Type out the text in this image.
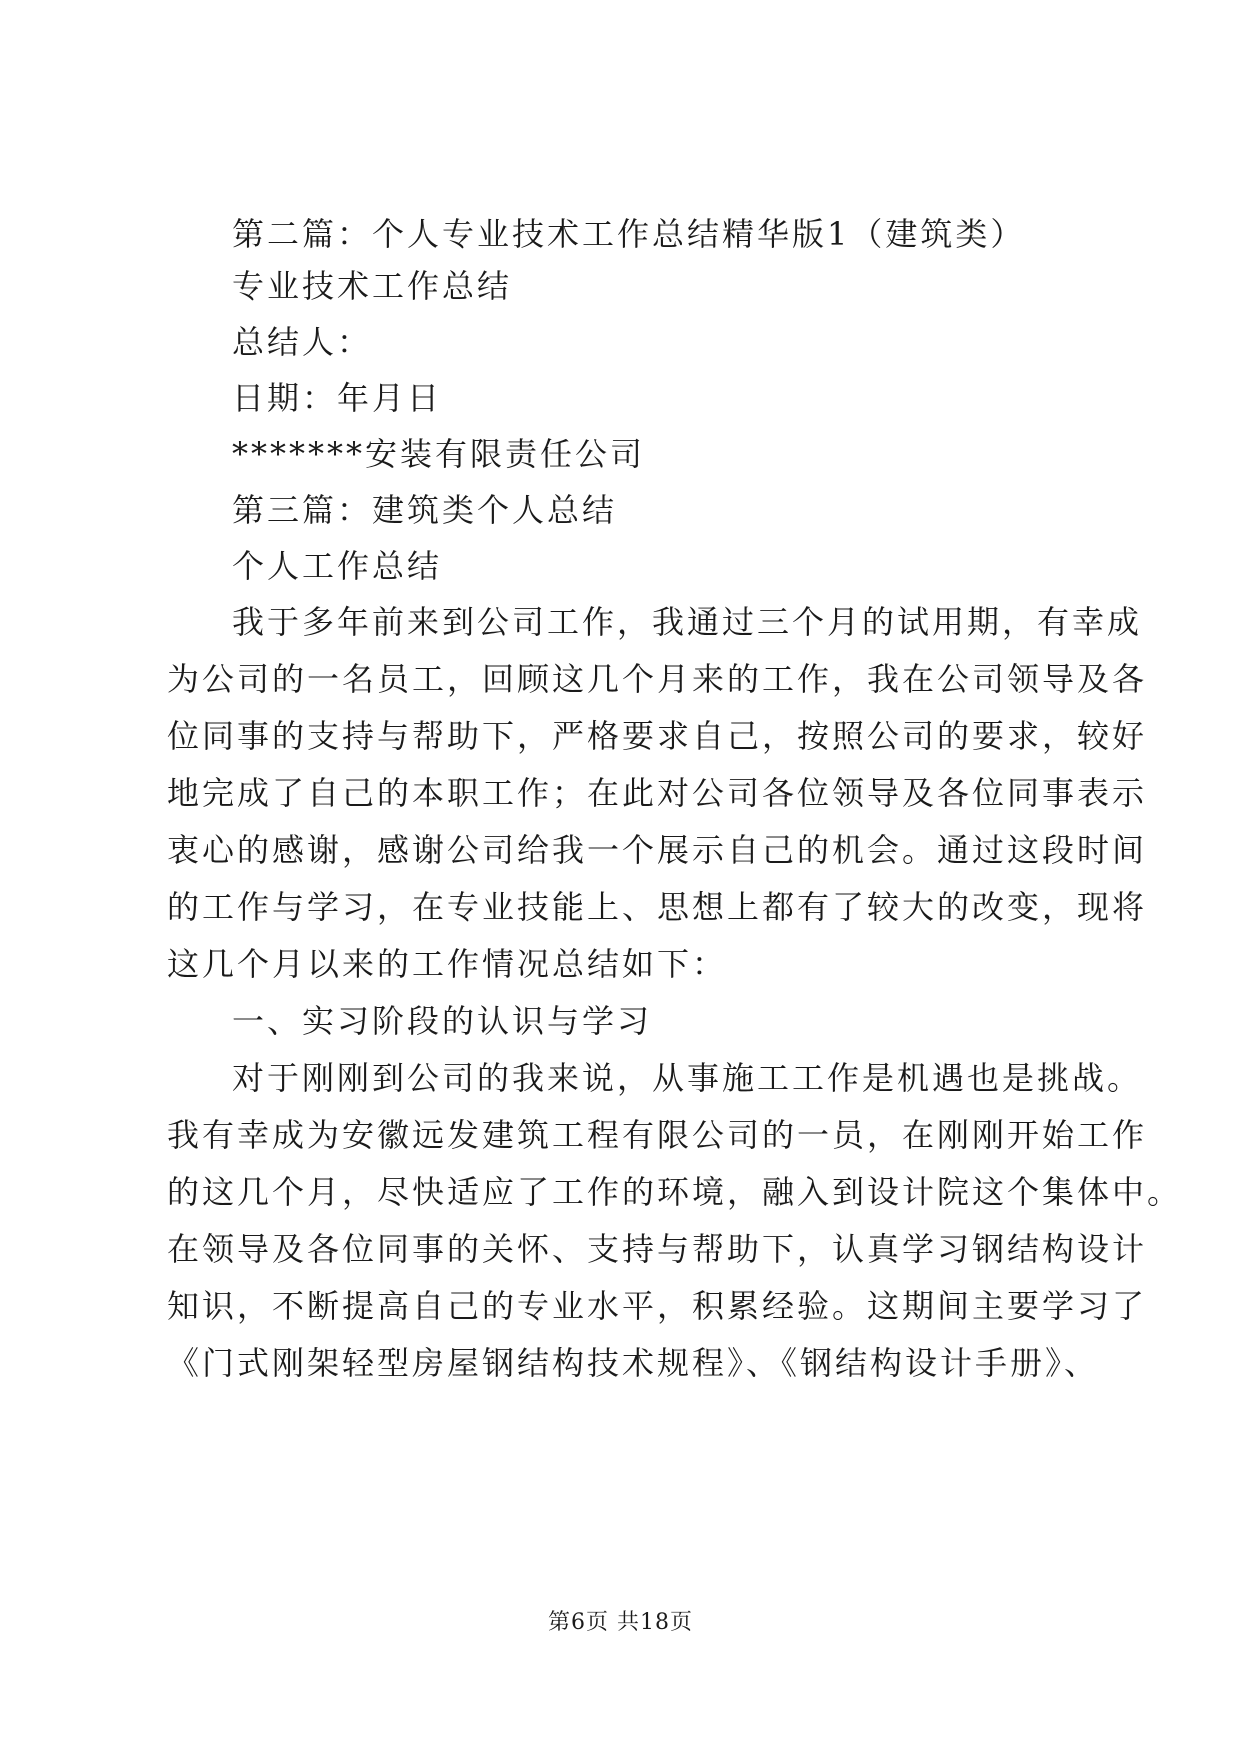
第二篇：个人专业技术工作总结精华版1（建筑类）
专业技术工作总结
总结人：
日期：年月日
*******安装有限责任公司
第三篇：建筑类个人总结
个人工作总结
我于多年前来到公司工作，我通过三个月的试用期，有幸成
为公司的一名员工，回顾这几个月来的工作，我在公司领导及各
位同事的支持与帮助下，严格要求自己，按照公司的要求，较好
地完成了自己的本职工作；在此对公司各位领导及各位同事表示
衷心的感谢，感谢公司给我一个展示自己的机会。通过这段时间
的工作与学习，在专业技能上、思想上都有了较大的改变，现将
这几个月以来的工作情况总结如下：
一、实习阶段的认识与学习
对于刚刚到公司的我来说，从事施工工作是机遇也是挑战。
我有幸成为安徽远发建筑工程有限公司的一员，在刚刚开始工作
的这几个月，尽快适应了工作的环境，融入到设计院这个集体中。
在领导及各位同事的关怀、支持与帮助下，认真学习钢结构设计
知识，不断提高自己的专业水平，积累经验。这期间主要学习了
《门式刚架轻型房屋钢结构技术规程》、《钢结构设计手册》、
第6页 共18页
